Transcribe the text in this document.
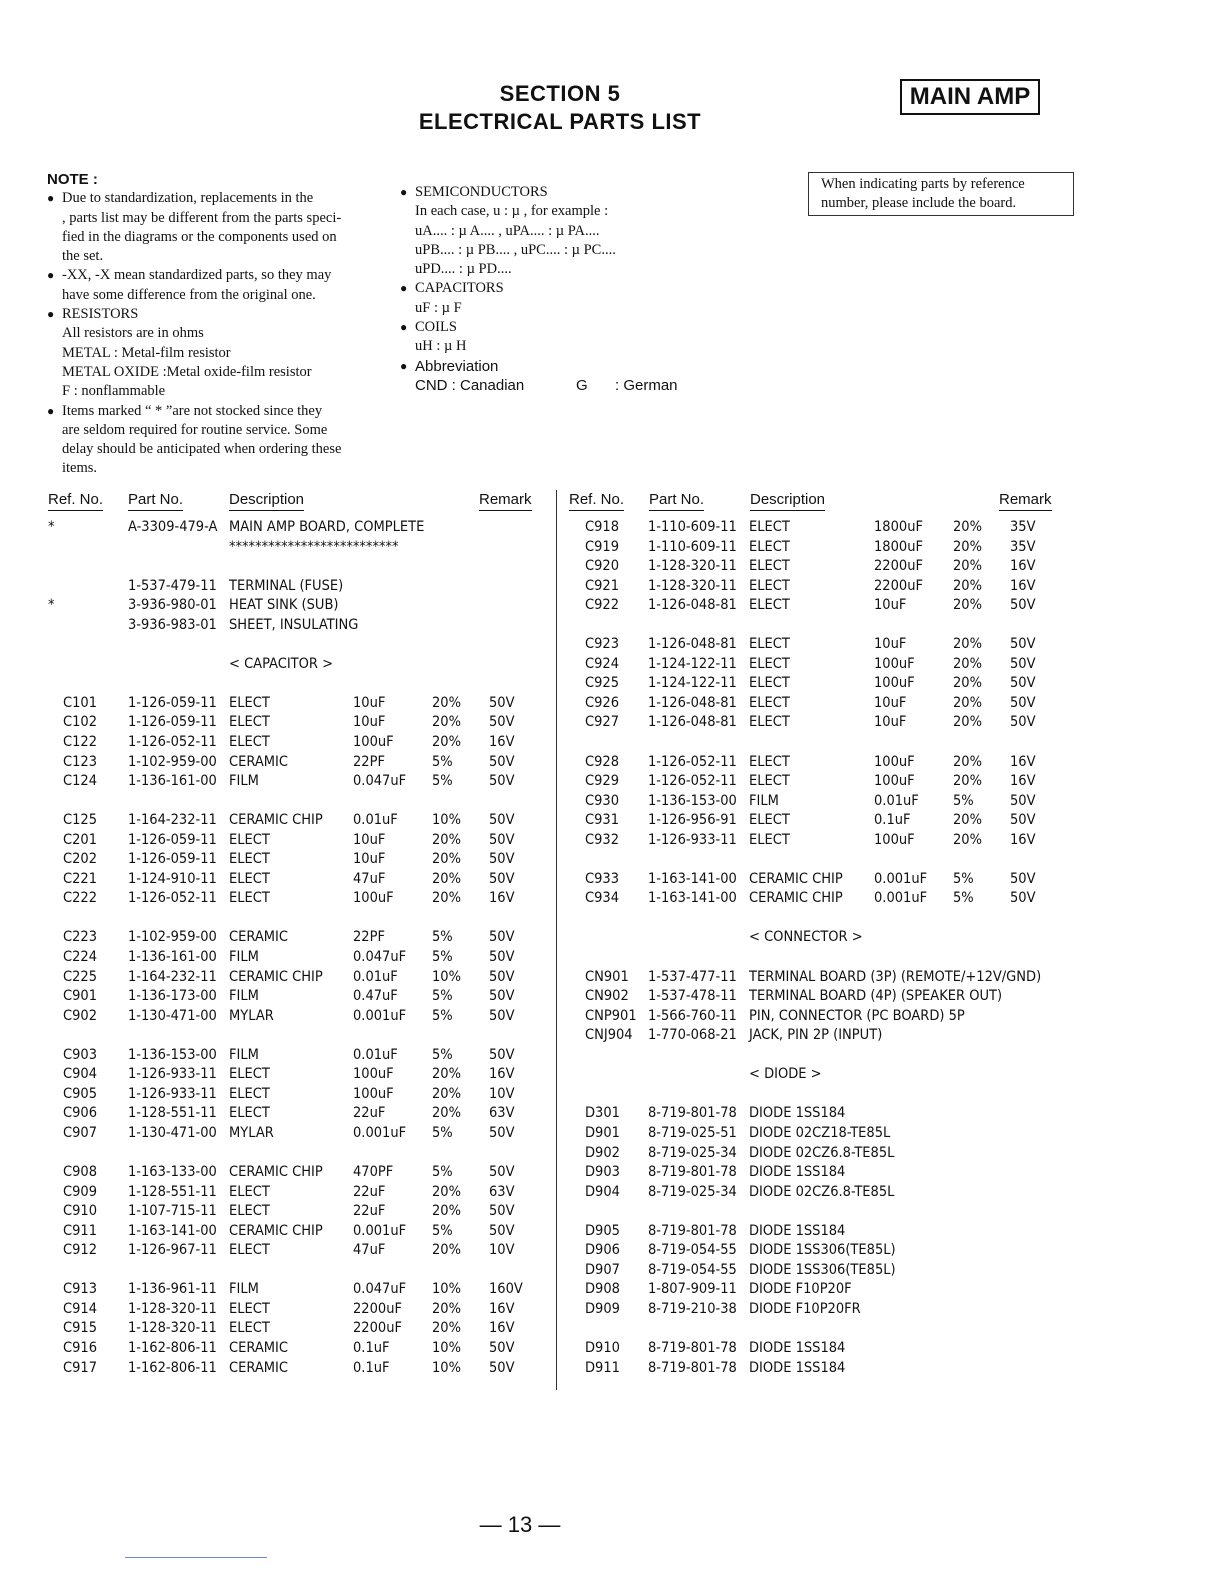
SECTION 5
ELECTRICAL PARTS LIST
MAIN AMP
When indicating parts by reference
number, please include the board.
NOTE :
● Due to standardization, replacements in the
, parts list may be different from the parts speci-
fied in the diagrams or the components used on
the set.
● -XX, -X mean standardized parts, so they may
have some difference from the original one.
● RESISTORS
All resistors are in ohms
METAL : Metal-film resistor
METAL OXIDE :Metal oxide-film resistor
F : nonflammable
● Items marked “ * ”are not stocked since they
are seldom required for routine service. Some
delay should be anticipated when ordering these
items.
● SEMICONDUCTORS
In each case, u : µ , for example :
uA.... : µ A.... , uPA.... : µ PA....
uPB.... : µ PB.... , uPC.... : µ PC....
uPD.... : µ PD....
● CAPACITORS
uF : µ F
● COILS
uH : µ H
● Abbreviation
CND : Canadian	G : German
Ref. No. Part No.	Description	Remark Ref. No. Part No.	Description	Remark
*	A-3309-479-A MAIN AMP BOARD, COMPLETE
**************************
1-537-479-11 TERMINAL (FUSE)
*	3-936-980-01 HEAT SINK (SUB)
3-936-983-01 SHEET, INSULATING
< CAPACITOR >
C101 1-126-059-11 ELECT	10uF	20% 50V
C102 1-126-059-11 ELECT	10uF	20% 50V
C122 1-126-052-11 ELECT	100uF	20% 16V
C123 1-102-959-00 CERAMIC	22PF	5%	50V
C124 1-136-161-00 FILM	0.047uF 5%	50V
C125 1-164-232-11 CERAMIC CHIP 0.01uF 10% 50V
C201 1-126-059-11 ELECT	10uF	20% 50V
C202 1-126-059-11 ELECT	10uF	20% 50V
C221 1-124-910-11 ELECT	47uF	20% 50V
C222 1-126-052-11 ELECT	100uF	20% 16V
C223 1-102-959-00 CERAMIC	22PF	5%	50V
C224 1-136-161-00 FILM	0.047uF 5%	50V
C225 1-164-232-11 CERAMIC CHIP 0.01uF 10% 50V
C901 1-136-173-00 FILM	0.47uF 5%	50V
C902 1-130-471-00 MYLAR	0.001uF 5%	50V
C903 1-136-153-00 FILM	0.01uF 5%	50V
C904 1-126-933-11 ELECT	100uF	20% 16V
C905 1-126-933-11 ELECT	100uF	20% 10V
C906 1-128-551-11 ELECT	22uF	20% 63V
C907 1-130-471-00 MYLAR	0.001uF 5%	50V
C908 1-163-133-00 CERAMIC CHIP 470PF	5%	50V
C909 1-128-551-11 ELECT	22uF	20% 63V
C910 1-107-715-11 ELECT	22uF	20% 50V
C911 1-163-141-00 CERAMIC CHIP 0.001uF 5%	50V
C912 1-126-967-11 ELECT	47uF	20% 10V
C913 1-136-961-11 FILM	0.047uF 10% 160V
C914 1-128-320-11 ELECT	2200uF 20% 16V
C915 1-128-320-11 ELECT	2200uF 20% 16V
C916 1-162-806-11 CERAMIC	0.1uF	10% 50V
C917 1-162-806-11 CERAMIC	0.1uF	10% 50V
C918 1-110-609-11 ELECT	1800uF 20% 35V
C919 1-110-609-11 ELECT	1800uF 20% 35V
C920 1-128-320-11 ELECT	2200uF 20% 16V
C921 1-128-320-11 ELECT	2200uF 20% 16V
C922 1-126-048-81 ELECT	10uF	20% 50V
C923 1-126-048-81 ELECT	10uF	20% 50V
C924 1-124-122-11 ELECT	100uF	20% 50V
C925 1-124-122-11 ELECT	100uF	20% 50V
C926 1-126-048-81 ELECT	10uF	20% 50V
C927 1-126-048-81 ELECT	10uF	20% 50V
C928 1-126-052-11 ELECT	100uF	20% 16V
C929 1-126-052-11 ELECT	100uF	20% 16V
C930 1-136-153-00 FILM	0.01uF 5%	50V
C931 1-126-956-91 ELECT	0.1uF	20% 50V
C932 1-126-933-11 ELECT	100uF	20% 16V
C933 1-163-141-00 CERAMIC CHIP 0.001uF 5%	50V
C934 1-163-141-00 CERAMIC CHIP 0.001uF 5%	50V
< CONNECTOR >
CN901 1-537-477-11 TERMINAL BOARD (3P) (REMOTE/+12V/GND)
CN902 1-537-478-11 TERMINAL BOARD (4P) (SPEAKER OUT)
CNP901 1-566-760-11 PIN, CONNECTOR (PC BOARD) 5P
CNJ904 1-770-068-21 JACK, PIN 2P (INPUT)
< DIODE >
D301 8-719-801-78 DIODE 1SS184
D901 8-719-025-51 DIODE 02CZ18-TE85L
D902 8-719-025-34 DIODE 02CZ6.8-TE85L
D903 8-719-801-78 DIODE 1SS184
D904 8-719-025-34 DIODE 02CZ6.8-TE85L
D905 8-719-801-78 DIODE 1SS184
D906 8-719-054-55 DIODE 1SS306(TE85L)
D907 8-719-054-55 DIODE 1SS306(TE85L)
D908 1-807-909-11 DIODE F10P20F
D909 8-719-210-38 DIODE F10P20FR
D910 8-719-801-78 DIODE 1SS184
D911 8-719-801-78 DIODE 1SS184
— 13 —
